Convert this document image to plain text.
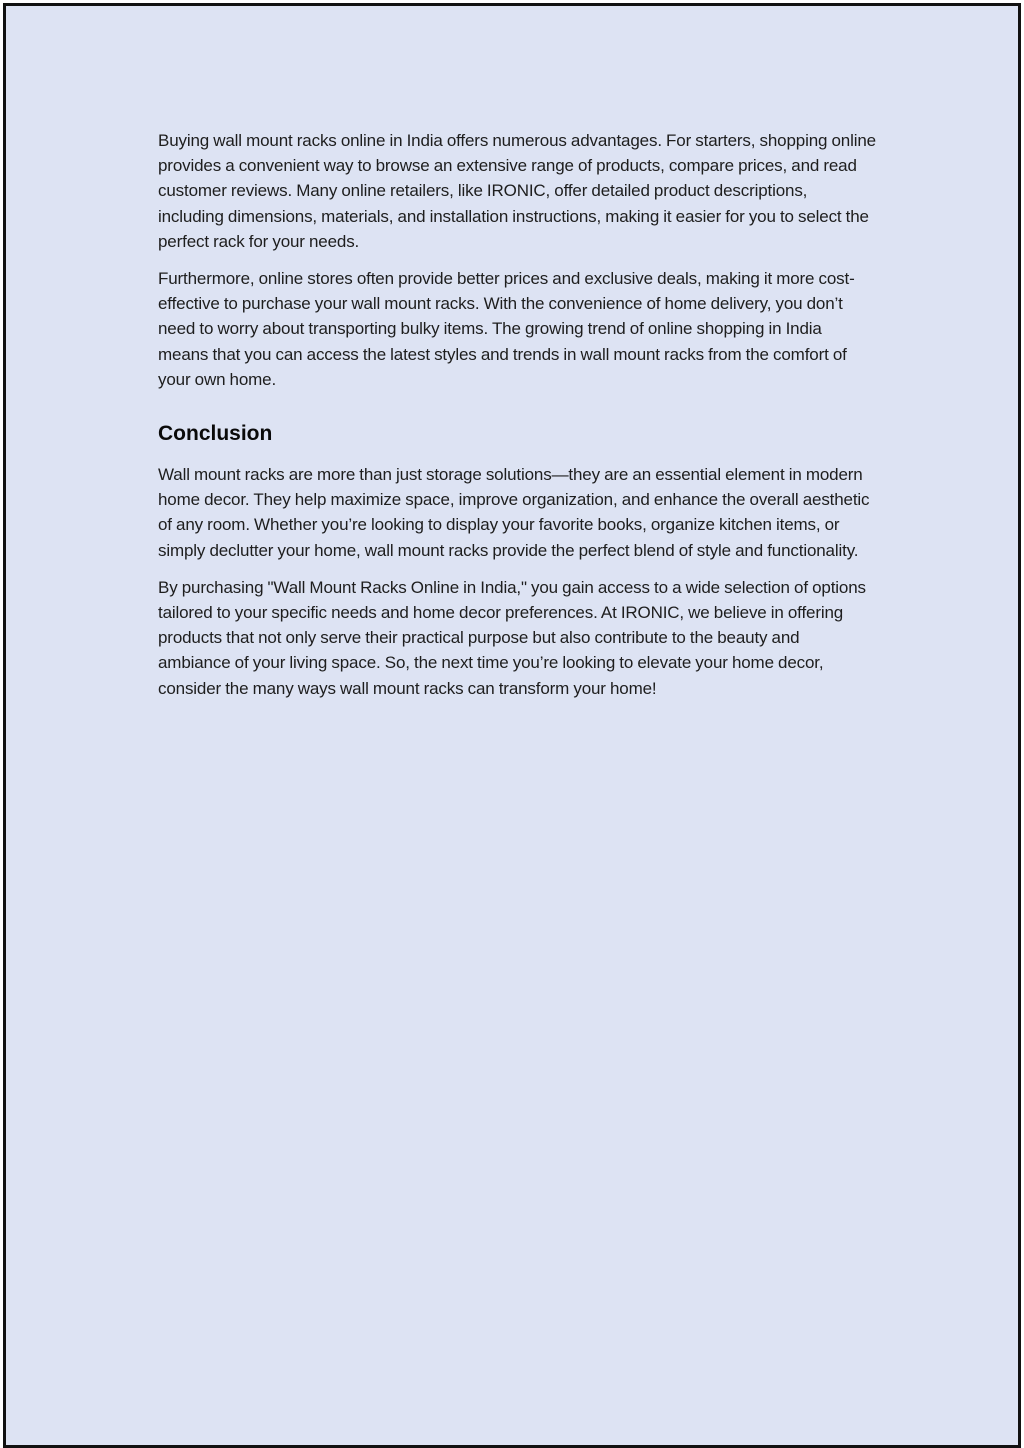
Buying wall mount racks online in India offers numerous advantages. For starters, shopping online provides a convenient way to browse an extensive range of products, compare prices, and read customer reviews. Many online retailers, like IRONIC, offer detailed product descriptions, including dimensions, materials, and installation instructions, making it easier for you to select the perfect rack for your needs.

Furthermore, online stores often provide better prices and exclusive deals, making it more cost-effective to purchase your wall mount racks. With the convenience of home delivery, you don’t need to worry about transporting bulky items. The growing trend of online shopping in India means that you can access the latest styles and trends in wall mount racks from the comfort of your own home.

Conclusion

Wall mount racks are more than just storage solutions—they are an essential element in modern home decor. They help maximize space, improve organization, and enhance the overall aesthetic of any room. Whether you’re looking to display your favorite books, organize kitchen items, or simply declutter your home, wall mount racks provide the perfect blend of style and functionality.

By purchasing "Wall Mount Racks Online in India," you gain access to a wide selection of options tailored to your specific needs and home decor preferences. At IRONIC, we believe in offering products that not only serve their practical purpose but also contribute to the beauty and ambiance of your living space. So, the next time you’re looking to elevate your home decor, consider the many ways wall mount racks can transform your home!
